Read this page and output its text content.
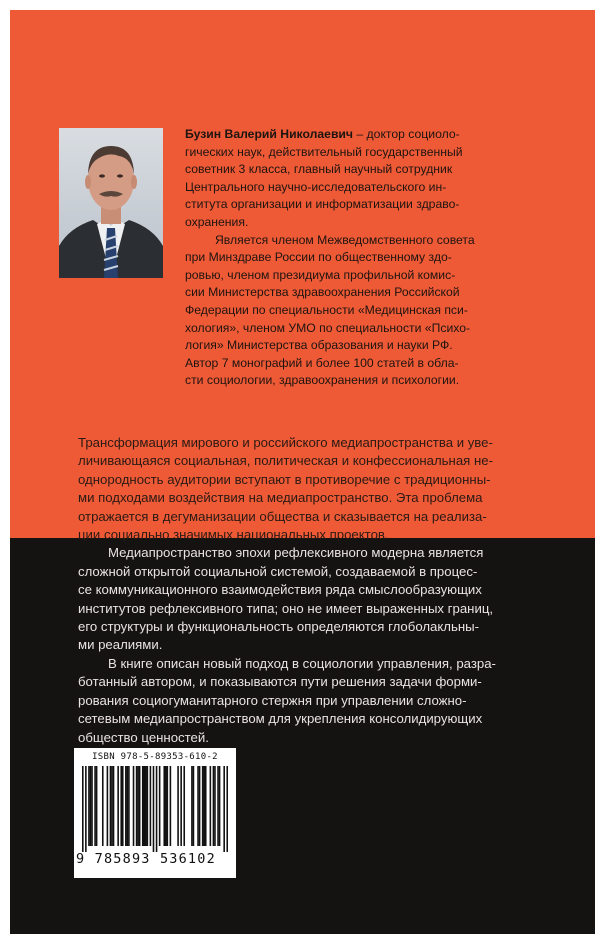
Бузин Валерий Николаевич – доктор социоло-
гических наук, действительный государственный
советник 3 класса, главный научный сотрудник
Центрального научно-исследовательского ин-
ститута организации и информатизации здраво-
охранения.

Является членом Межведомственного совета
при Минздраве России по общественному здо-
ровью, членом президиума профильной комис-
сии Министерства здравоохранения Российской
Федерации по специальности «Медицинская пси-
хология», членом УМО по специальности «Психо-
логия» Министерства образования и науки РФ.
Автор 7 монографий и более 100 статей в обла-
сти социологии, здравоохранения и психологии.

Трансформация мирового и российского медиапространства и уве-
личивающаяся социальная, политическая и конфессиональная не-
однородность аудитории вступают в противоречие с традиционны-
ми подходами воздействия на медиапространство. Эта проблема
отражается в дегуманизации общества и сказывается на реализа-
ции социально значимых национальных проектов.

Медиапространство эпохи рефлексивного модерна является
сложной открытой социальной системой, создаваемой в процес-
се коммуникационного взаимодействия ряда смыслообразующих
институтов рефлексивного типа; оно не имеет выраженных границ,
его структуры и функциональность определяются глоболакльны-
ми реалиями.

В книге описан новый подход в социологии управления, разра-
ботанный автором, и показываются пути решения задачи форми-
рования социогуманитарного стержня при управлении сложно-
сетевым медиапространством для укрепления консолидирующих
общество ценностей.

ISBN 978-5-89353-610-2
9 785893 536102
